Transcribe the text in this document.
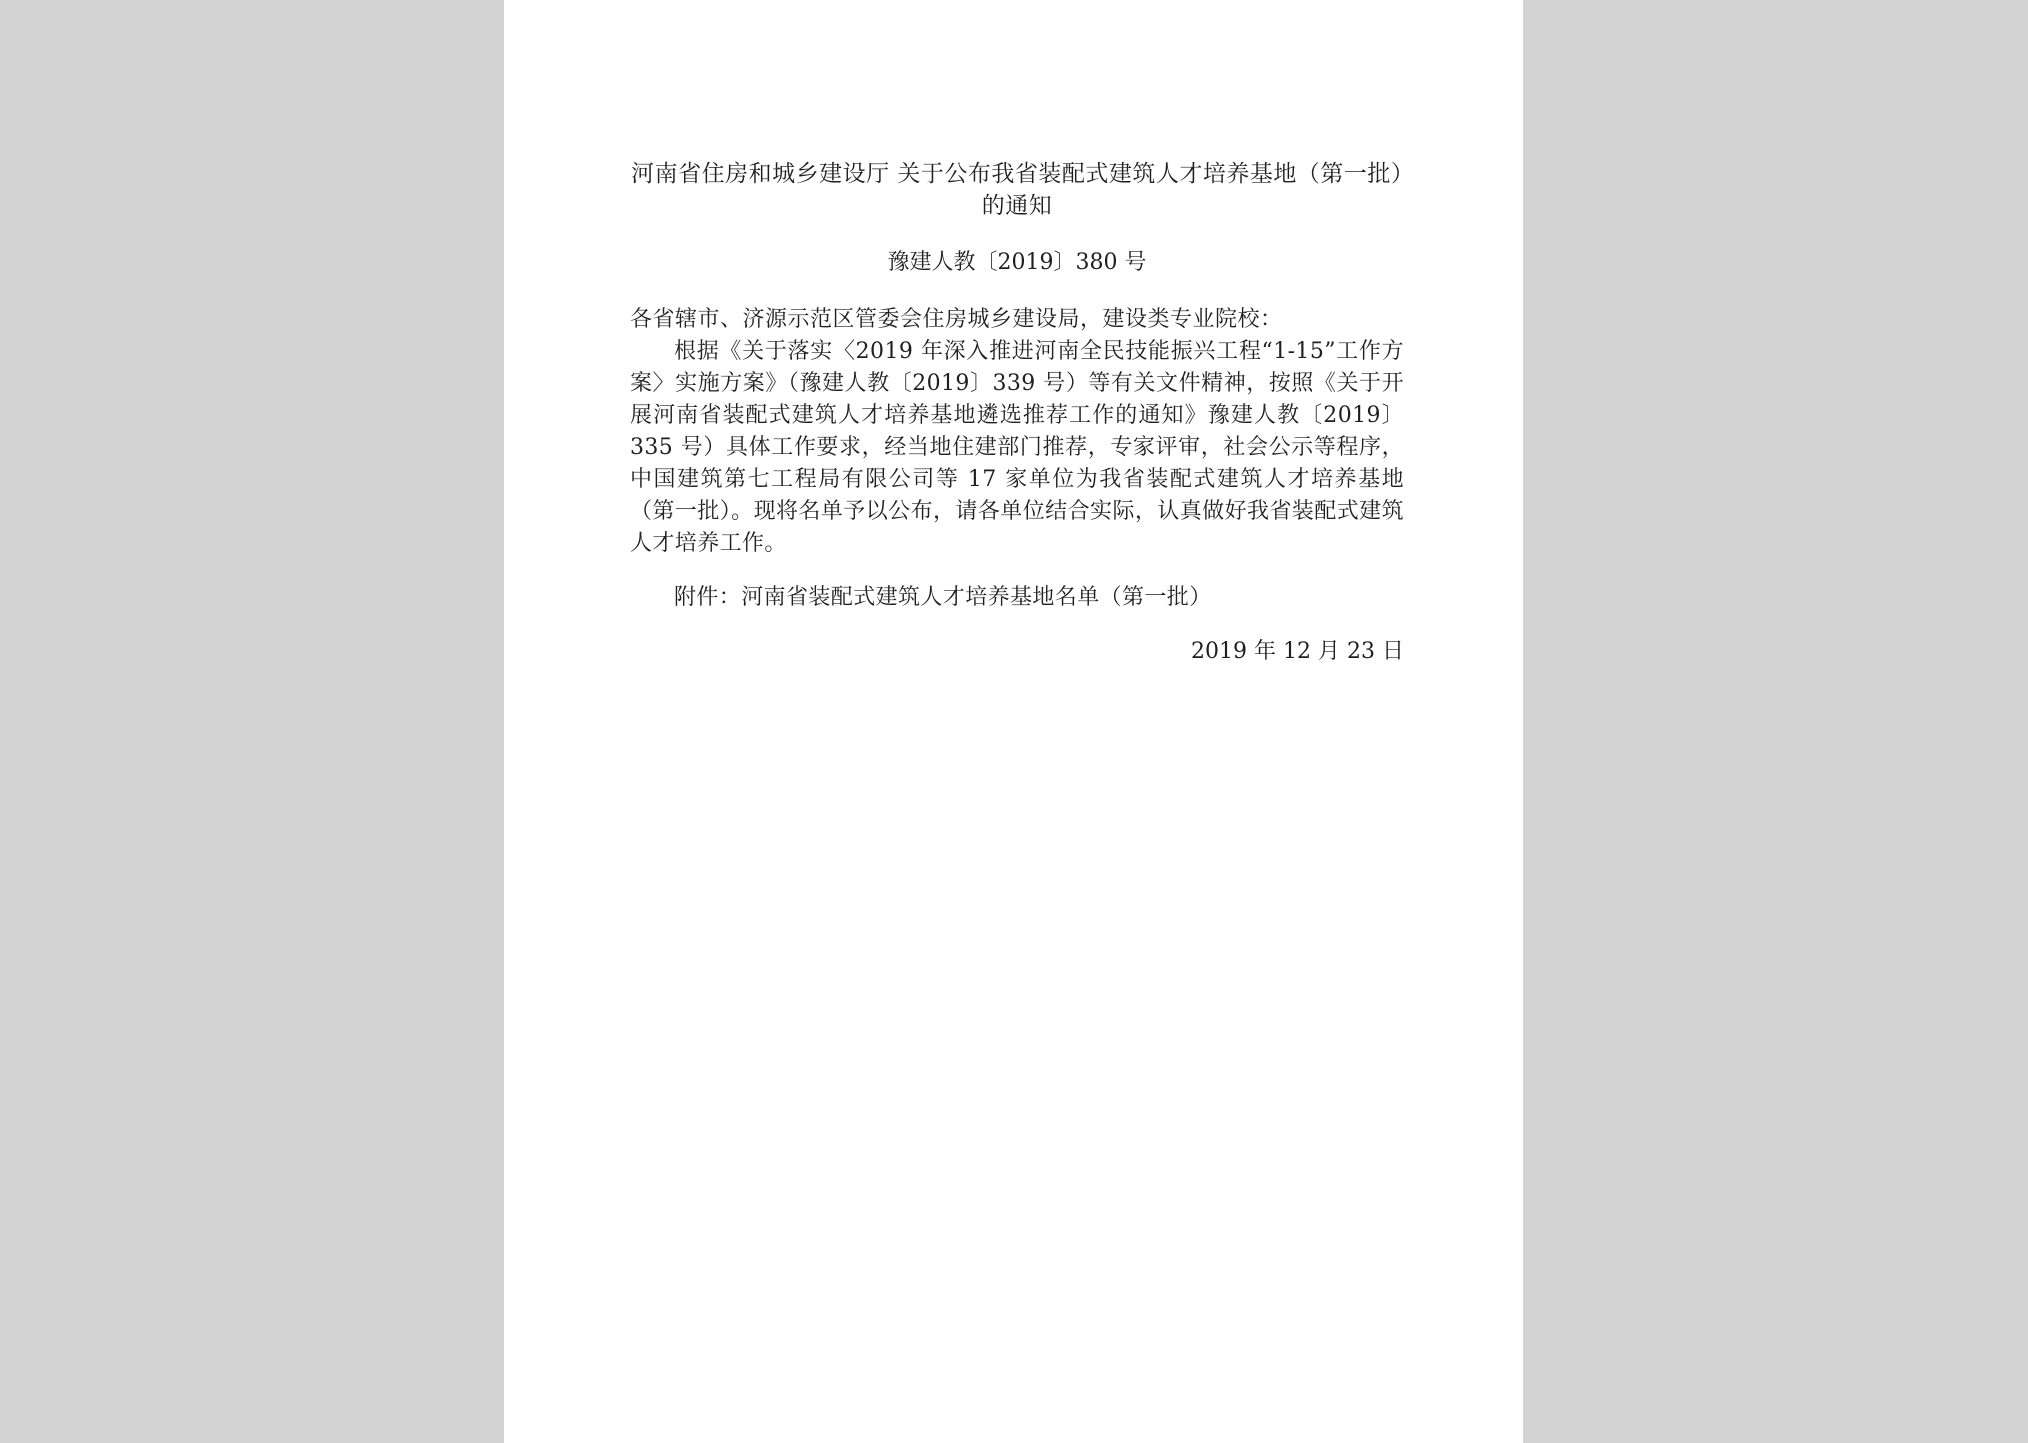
河南省住房和城乡建设厅 关于公布我省装配式建筑人才培养基地（第一批）的通知
豫建人教〔2019〕380 号
各省辖市、济源示范区管委会住房城乡建设局，建设类专业院校：

根据《关于落实〈2019 年深入推进河南全民技能振兴工程“1-15”工作方案〉实施方案》（豫建人教〔2019〕339 号）等有关文件精神，按照《关于开展河南省装配式建筑人才培养基地遴选推荐工作的通知》豫建人教〔2019〕335 号）具体工作要求，经当地住建部门推荐，专家评审，社会公示等程序，中国建筑第七工程局有限公司等 17 家单位为我省装配式建筑人才培养基地（第一批）。现将名单予以公布，请各单位结合实际，认真做好我省装配式建筑人才培养工作。

附件：河南省装配式建筑人才培养基地名单（第一批）
2019 年 12 月 23 日
